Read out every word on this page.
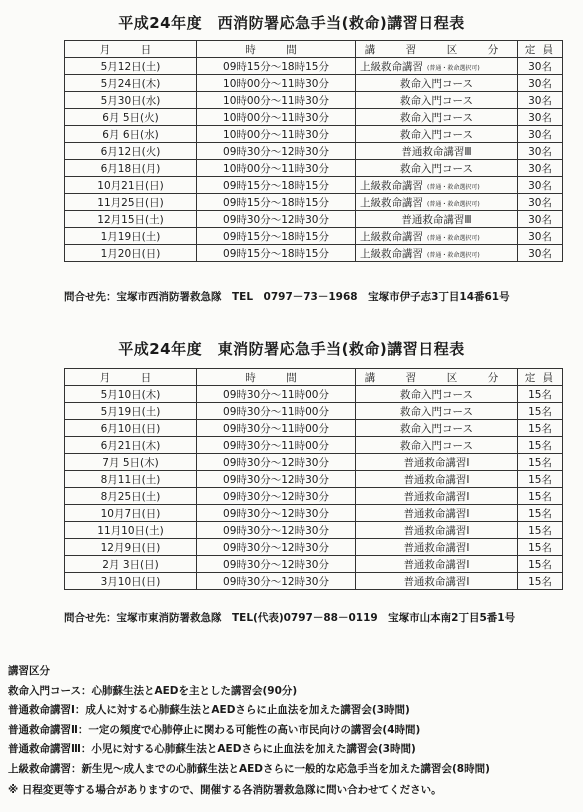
平成24年度　西消防署応急手当(救命)講習日程表
月　日	時　間	講　習　区　分	定 員
5月12日(土)	09時15分～18時15分	上級救命講習 (普通・救命選択可)	30名
5月24日(木)	10時00分～11時30分	救命入門コース	30名
5月30日(水)	10時00分～11時30分	救命入門コース	30名
6月 5日(火)	10時00分～11時30分	救命入門コース	30名
6月 6日(水)	10時00分～11時30分	救命入門コース	30名
6月12日(火)	09時30分～12時30分	普通救命講習Ⅲ	30名
6月18日(月)	10時00分～11時30分	救命入門コース	30名
10月21日(日)	09時15分～18時15分	上級救命講習 (普通・救命選択可)	30名
11月25日(日)	09時15分～18時15分	上級救命講習 (普通・救命選択可)	30名
12月15日(土)	09時30分～12時30分	普通救命講習Ⅲ	30名
1月19日(土)	09時15分～18時15分	上級救命講習 (普通・救命選択可)	30名
1月20日(日)	09時15分～18時15分	上級救命講習 (普通・救命選択可)	30名
問合せ先：宝塚市西消防署救急隊　TEL　0797－73－1968　宝塚市伊子志3丁目14番61号
平成24年度　東消防署応急手当(救命)講習日程表
月　日	時　間	講　習　区　分	定 員
5月10日(木)	09時30分～11時00分	救命入門コース	15名
5月19日(土)	09時30分～11時00分	救命入門コース	15名
6月10日(日)	09時30分～11時00分	救命入門コース	15名
6月21日(木)	09時30分～11時00分	救命入門コース	15名
7月 5日(木)	09時30分～12時30分	普通救命講習Ⅰ	15名
8月11日(土)	09時30分～12時30分	普通救命講習Ⅰ	15名
8月25日(土)	09時30分～12時30分	普通救命講習Ⅰ	15名
10月7日(日)	09時30分～12時30分	普通救命講習Ⅰ	15名
11月10日(土)	09時30分～12時30分	普通救命講習Ⅰ	15名
12月9日(日)	09時30分～12時30分	普通救命講習Ⅰ	15名
2月 3日(日)	09時30分～12時30分	普通救命講習Ⅰ	15名
3月10日(日)	09時30分～12時30分	普通救命講習Ⅰ	15名
問合せ先：宝塚市東消防署救急隊　TEL(代表)0797－88－0119　宝塚市山本南2丁目5番1号
講習区分
救命入門コース：心肺蘇生法とAEDを主とした講習会(90分)
普通救命講習Ⅰ：成人に対する心肺蘇生法とAEDさらに止血法を加えた講習会(3時間)
普通救命講習Ⅱ：一定の頻度で心肺停止に関わる可能性の高い市民向けの講習会(4時間)
普通救命講習Ⅲ：小児に対する心肺蘇生法とAEDさらに止血法を加えた講習会(3時間)
上級救命講習：新生児～成人までの心肺蘇生法とAEDさらに一般的な応急手当を加えた講習会(8時間)
※ 日程変更等する場合がありますので、開催する各消防署救急隊に問い合わせてください。
